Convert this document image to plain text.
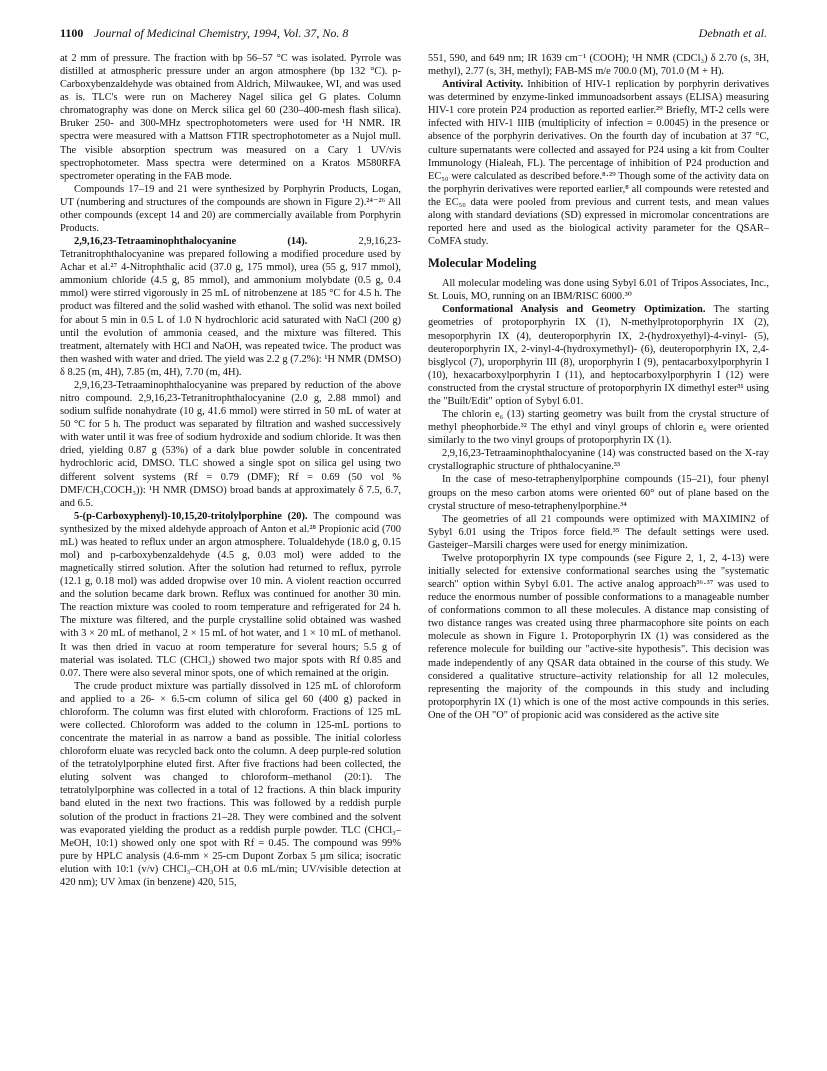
1100 Journal of Medicinal Chemistry, 1994, Vol. 37, No. 8	Debnath et al.

at 2 mm of pressure. The fraction with bp 56–57 °C was isolated. Pyrrole was distilled at atmospheric pressure under an argon atmosphere (bp 132 °C). p-Carboxybenzaldehyde was obtained from Aldrich, Milwaukee, WI, and was used as is. TLC's were run on Macherey Nagel silica gel G plates. Column chromatography was done on Merck silica gel 60 (230–400-mesh flash silica). Bruker 250- and 300-MHz spectrophotometers were used for ¹H NMR. IR spectra were measured with a Mattson FTIR spectrophotometer as a Nujol mull. The visible absorption spectrum was measured on a Cary 1 UV/vis spectrophotometer. Mass spectra were determined on a Kratos M580RFA spectrometer operating in the FAB mode.

Compounds 17–19 and 21 were synthesized by Porphyrin Products, Logan, UT (numbering and structures of the compounds are shown in Figure 2).²⁴⁻²⁶ All other compounds (except 14 and 20) are commercially available from Porphyrin Products.

2,9,16,23-Tetraaminophthalocyanine (14). 2,9,16,23-Tetranitrophthalocyanine was prepared following a modified procedure used by Achar et al.²⁷ 4-Nitrophthalic acid (37.0 g, 175 mmol), urea (55 g, 917 mmol), ammonium chloride (4.5 g, 85 mmol), and ammonium molybdate (0.5 g, 0.4 mmol) were stirred vigorously in 25 mL of nitrobenzene at 185 °C for 4.5 h. The product was filtered and the solid washed with ethanol. The solid was next boiled for about 5 min in 0.5 L of 1.0 N hydrochloric acid saturated with NaCl (200 g) until the evolution of ammonia ceased, and the mixture was filtered. This treatment, alternately with HCl and NaOH, was repeated twice. The product was then washed with water and dried. The yield was 2.2 g (7.2%): ¹H NMR (DMSO) δ 8.25 (m, 4H), 7.85 (m, 4H), 7.70 (m, 4H).

2,9,16,23-Tetraaminophthalocyanine was prepared by reduction of the above nitro compound. 2,9,16,23-Tetranitrophthalocyanine (2.0 g, 2.88 mmol) and sodium sulfide nonahydrate (10 g, 41.6 mmol) were stirred in 50 mL of water at 50 °C for 5 h. The product was separated by filtration and washed successively with water until it was free of sodium hydroxide and sodium chloride. It was then dried, yielding 0.87 g (53%) of a dark blue powder soluble in concentrated hydrochloric acid, DMSO. TLC showed a single spot on silica gel using two different solvent systems (Rf = 0.79 (DMF); Rf = 0.69 (50 vol % DMF/CH₃COCH₃)): ¹H NMR (DMSO) broad bands at approximately δ 7.5, 6.7, and 6.5.

5-(p-Carboxyphenyl)-10,15,20-tritolylporphine (20). The compound was synthesized by the mixed aldehyde approach of Anton et al.²⁸ Propionic acid (700 mL) was heated to reflux under an argon atmosphere. Tolualdehyde (18.0 g, 0.15 mol) and p-carboxybenzaldehyde (4.5 g, 0.03 mol) were added to the magnetically stirred solution. After the solution had returned to reflux, pyrrole (12.1 g, 0.18 mol) was added dropwise over 10 min. A violent reaction occurred and the solution became dark brown. Reflux was continued for another 30 min. The reaction mixture was cooled to room temperature and refrigerated for 24 h. The mixture was filtered, and the purple crystalline solid obtained was washed with 3 × 20 mL of methanol, 2 × 15 mL of hot water, and 1 × 10 mL of methanol. It was then dried in vacuo at room temperature for several hours; 5.5 g of material was isolated. TLC (CHCl₃) showed two major spots with Rf 0.85 and 0.07. There were also several minor spots, one of which remained at the origin.

The crude product mixture was partially dissolved in 125 mL of chloroform and applied to a 26- × 6.5-cm column of silica gel 60 (400 g) packed in chloroform. The column was first eluted with chloroform. Fractions of 125 mL were collected. Chloroform was added to the column in 125-mL portions to concentrate the material in as narrow a band as possible. The initial colorless chloroform eluate was recycled back onto the column. A deep purple-red solution of the tetratolylporphine eluted first. After five fractions had been collected, the eluting solvent was changed to chloroform–methanol (20:1). The tetratolylporphine was collected in a total of 12 fractions. A thin black impurity band eluted in the next two fractions. This was followed by a reddish purple solution of the product in fractions 21–28. They were combined and the solvent was evaporated yielding the product as a reddish purple powder. TLC (CHCl₃–MeOH, 10:1) showed only one spot with Rf = 0.45. The compound was 99% pure by HPLC analysis (4.6-mm × 25-cm Dupont Zorbax 5 µm silica; isocratic elution with 10:1 (v/v) CHCl₃–CH₃OH at 0.6 mL/min; UV/visible detection at 420 nm); UV λmax (in benzene) 420, 515,

551, 590, and 649 nm; IR 1639 cm⁻¹ (COOH); ¹H NMR (CDCl₃) δ 2.70 (s, 3H, methyl), 2.77 (s, 3H, methyl); FAB-MS m/e 700.0 (M), 701.0 (M + H).

Antiviral Activity. Inhibition of HIV-1 replication by porphyrin derivatives was determined by enzyme-linked immunoadsorbent assays (ELISA) measuring HIV-1 core protein P24 production as reported earlier.²⁹ Briefly, MT-2 cells were infected with HIV-1 IIIB (multiplicity of infection = 0.0045) in the presence or absence of the porphyrin derivatives. On the fourth day of incubation at 37 °C, culture supernatants were collected and assayed for P24 using a kit from Coulter Immunology (Hialeah, FL). The percentage of inhibition of P24 production and EC₅₀ were calculated as described before.⁸·²⁹ Though some of the activity data on the porphyrin derivatives were reported earlier,⁸ all compounds were retested and the EC₅₀ data were pooled from previous and current tests, and mean values along with standard deviations (SD) expressed in micromolar concentrations are reported here and used as the biological activity parameter for the QSAR–CoMFA study.

Molecular Modeling

All molecular modeling was done using Sybyl 6.01 of Tripos Associates, Inc., St. Louis, MO, running on an IBM/RISC 6000.³⁰

Conformational Analysis and Geometry Optimization. The starting geometries of protoporphyrin IX (1), N-methylprotoporphyrin IX (2), mesoporphyrin IX (4), deuteroporphyrin IX, 2-(hydroxyethyl)-4-vinyl- (5), deuteroporphyrin IX, 2-vinyl-4-(hydroxymethyl)- (6), deuteroporphyrin IX, 2,4-bisglycol (7), uroporphyrin III (8), uroporphyrin I (9), pentacarboxylporphyrin I (10), hexacarboxylporphyrin I (11), and heptocarboxylporphyrin I (12) were constructed from the crystal structure of protoporphyrin IX dimethyl ester³¹ using the "Built/Edit" option of Sybyl 6.01.

The chlorin e₆ (13) starting geometry was built from the crystal structure of methyl pheophorbide.³² The ethyl and vinyl groups of chlorin e₆ were oriented similarly to the two vinyl groups of protoporphyrin IX (1).

2,9,16,23-Tetraaminophthalocyanine (14) was constructed based on the X-ray crystallographic structure of phthalocyanine.³³

In the case of meso-tetraphenylporphine compounds (15–21), four phenyl groups on the meso carbon atoms were oriented 60° out of plane based on the crystal structure of meso-tetraphenylporphine.³⁴

The geometries of all 21 compounds were optimized with MAXIMIN2 of Sybyl 6.01 using the Tripos force field.³⁵ The default settings were used. Gasteiger–Marsili charges were used for energy minimization.

Twelve protoporphyrin IX type compounds (see Figure 2, 1, 2, 4-13) were initially selected for extensive conformational searches using the "systematic search" option within Sybyl 6.01. The active analog approach³⁶·³⁷ was used to reduce the enormous number of possible conformations to a manageable number of conformations common to all these molecules. A distance map consisting of two distance ranges was created using three pharmacophore site points on each molecule as shown in Figure 1. Protoporphyrin IX (1) was considered as the reference molecule for building our "active-site hypothesis". This decision was made independently of any QSAR data obtained in the course of this study. We considered a qualitative structure–activity relationship for all 12 molecules, representing the majority of the compounds in this study and including protoporphyrin IX (1) which is one of the most active compounds in this series. One of the OH "O" of propionic acid was considered as the active site
